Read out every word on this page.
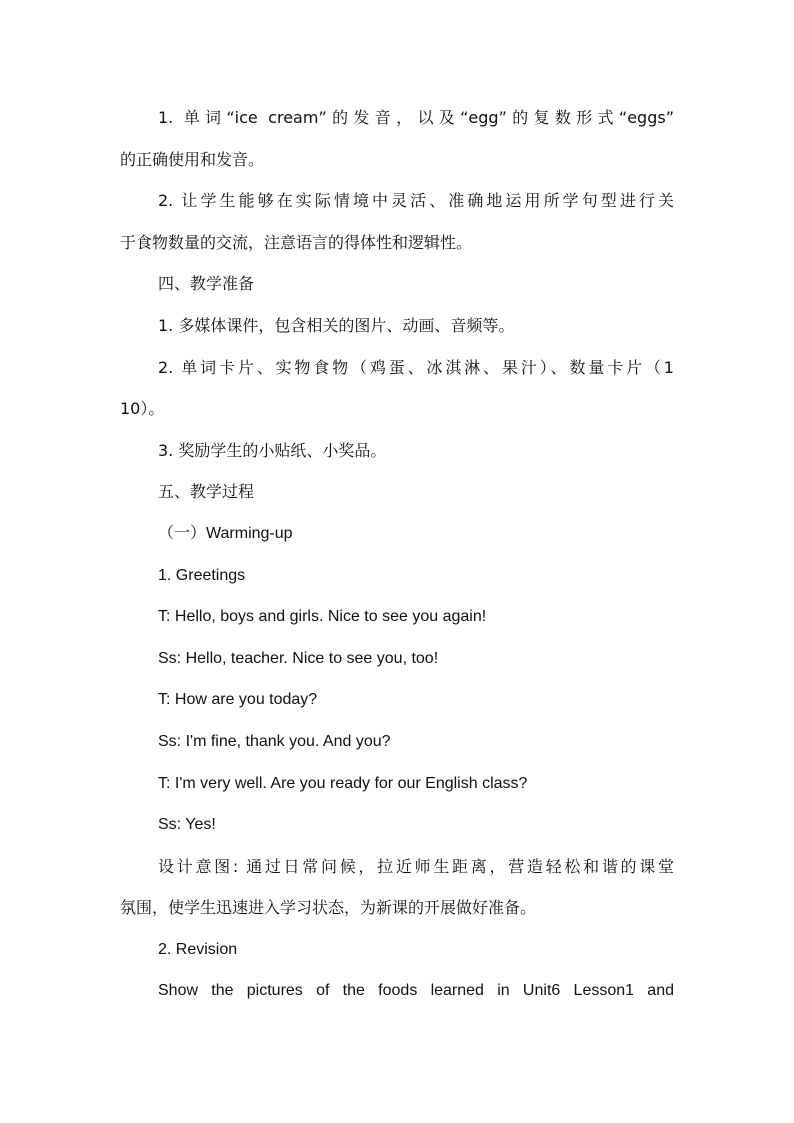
1. 单词“ice cream”的发音，以及“egg”的复数形式“eggs”
的正确使用和发音。
2. 让学生能够在实际情境中灵活、准确地运用所学句型进行关
于食物数量的交流，注意语言的得体性和逻辑性。
四、教学准备
1. 多媒体课件，包含相关的图片、动画、音频等。
2. 单词卡片、实物食物（鸡蛋、冰淇淋、果汁）、数量卡片（1
10）。
3. 奖励学生的小贴纸、小奖品。
五、教学过程
（一）Warming-up
1. Greetings
T: Hello, boys and girls. Nice to see you again!
Ss: Hello, teacher. Nice to see you, too!
T: How are you today?
Ss: I'm fine, thank you. And you?
T: I'm very well. Are you ready for our English class?
Ss: Yes!
设计意图: 通过日常问候，拉近师生距离，营造轻松和谐的课堂
氛围，使学生迅速进入学习状态，为新课的开展做好准备。
2. Revision
Show the pictures of the foods learned in Unit6 Lesson1 and
